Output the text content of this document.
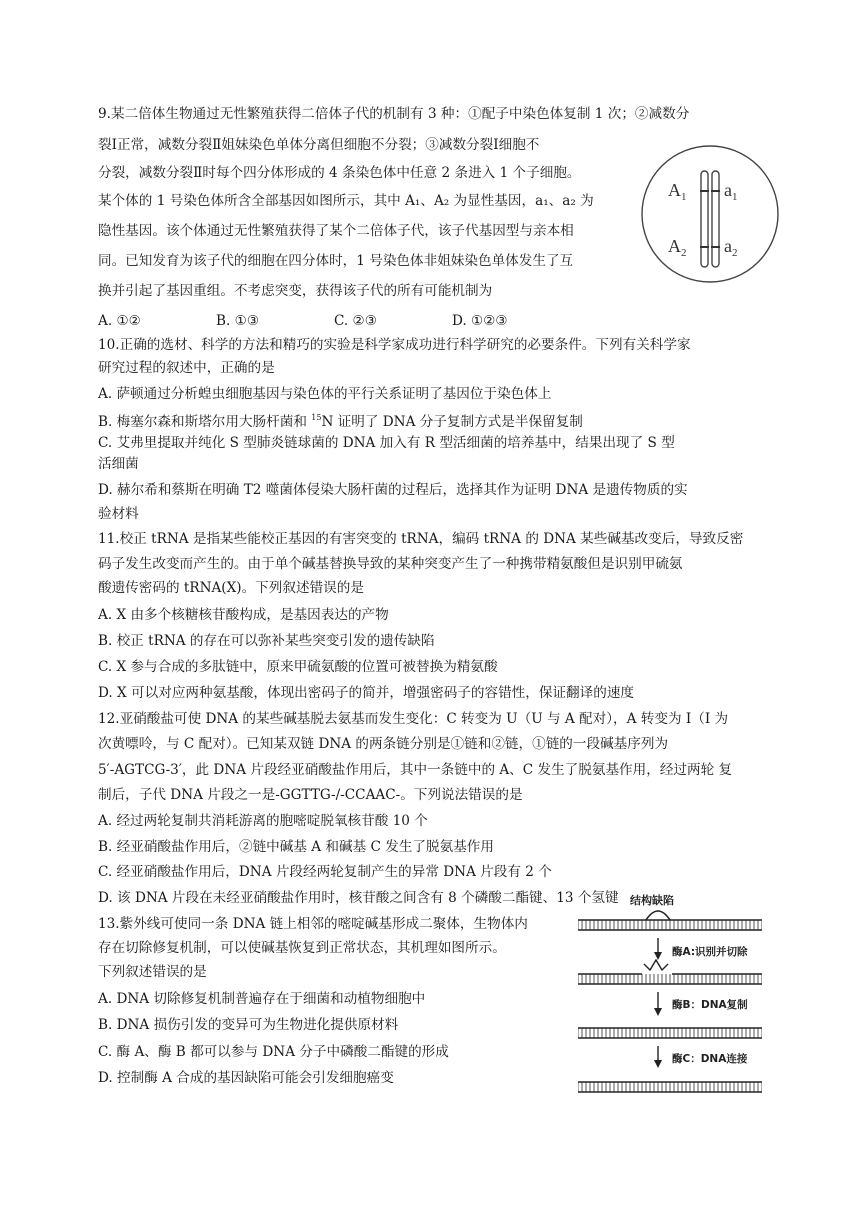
9.某二倍体生物通过无性繁殖获得二倍体子代的机制有 3 种：①配子中染色体复制 1 次；②减数分
裂Ⅰ正常，减数分裂Ⅱ姐妹染色单体分离但细胞不分裂；③减数分裂Ⅰ细胞不
分裂，减数分裂Ⅱ时每个四分体形成的 4 条染色体中任意 2 条进入 1 个子细胞。
某个体的 1 号染色体所含全部基因如图所示，其中 A₁、A₂ 为显性基因，a₁、a₂ 为
隐性基因。该个体通过无性繁殖获得了某个二倍体子代，该子代基因型与亲本相
同。已知发育为该子代的细胞在四分体时，1 号染色体非姐妹染色单体发生了互
换并引起了基因重组。不考虑突变，获得该子代的所有可能机制为
$A_1$ $a_1$
$A_2$ $a_2$
A. ①②	B. ①③	C. ②③	D. ①②③
10.正确的选材、科学的方法和精巧的实验是科学家成功进行科学研究的必要条件。下列有关科学家
研究过程的叙述中，正确的是
A. 萨顿通过分析蝗虫细胞基因与染色体的平行关系证明了基因位于染色体上
B. 梅塞尔森和斯塔尔用大肠杆菌和 $^{15}$N 证明了 DNA 分子复制方式是半保留复制
C. 艾弗里提取并纯化 S 型肺炎链球菌的 DNA 加入有 R 型活细菌的培养基中，结果出现了 S 型
活细菌
D. 赫尔希和蔡斯在明确 T2 噬菌体侵染大肠杆菌的过程后，选择其作为证明 DNA 是遗传物质的实
验材料
11.校正 tRNA 是指某些能校正基因的有害突变的 tRNA，编码 tRNA 的 DNA 某些碱基改变后，导致反密
码子发生改变而产生的。由于单个碱基替换导致的某种突变产生了一种携带精氨酸但是识别甲硫氨
酸遗传密码的 tRNA(X)。下列叙述错误的是
A. X 由多个核糖核苷酸构成，是基因表达的产物
B. 校正 tRNA 的存在可以弥补某些突变引发的遗传缺陷
C. X 参与合成的多肽链中，原来甲硫氨酸的位置可被替换为精氨酸
D. X 可以对应两种氨基酸，体现出密码子的简并，增强密码子的容错性，保证翻译的速度
12.亚硝酸盐可使 DNA 的某些碱基脱去氨基而发生变化：C 转变为 U（U 与 A 配对），A 转变为 I（I 为
次黄嘌呤，与 C 配对）。已知某双链 DNA 的两条链分别是①链和②链，①链的一段碱基序列为
5′-AGTCG-3′，此 DNA 片段经亚硝酸盐作用后，其中一条链中的 A、C 发生了脱氨基作用，经过两轮 复
制后，子代 DNA 片段之一是-GGTTG-/-CCAAC-。下列说法错误的是
A. 经过两轮复制共消耗游离的胞嘧啶脱氧核苷酸 10 个
B. 经亚硝酸盐作用后，②链中碱基 A 和碱基 C 发生了脱氨基作用
C. 经亚硝酸盐作用后，DNA 片段经两轮复制产生的异常 DNA 片段有 2 个
D. 该 DNA 片段在未经亚硝酸盐作用时，核苷酸之间含有 8 个磷酸二酯键、13 个氢键
13.紫外线可使同一条 DNA 链上相邻的嘧啶碱基形成二聚体，生物体内
存在切除修复机制，可以使碱基恢复到正常状态，其机理如图所示。
下列叙述错误的是
A. DNA 切除修复机制普遍存在于细菌和动植物细胞中
B. DNA 损伤引发的变异可为生物进化提供原材料
C. 酶 A、酶 B 都可以参与 DNA 分子中磷酸二酯键的形成
D. 控制酶 A 合成的基因缺陷可能会引发细胞癌变
结构缺陷
酶A:识别并切除
酶B：DNA复制
酶C：DNA连接
